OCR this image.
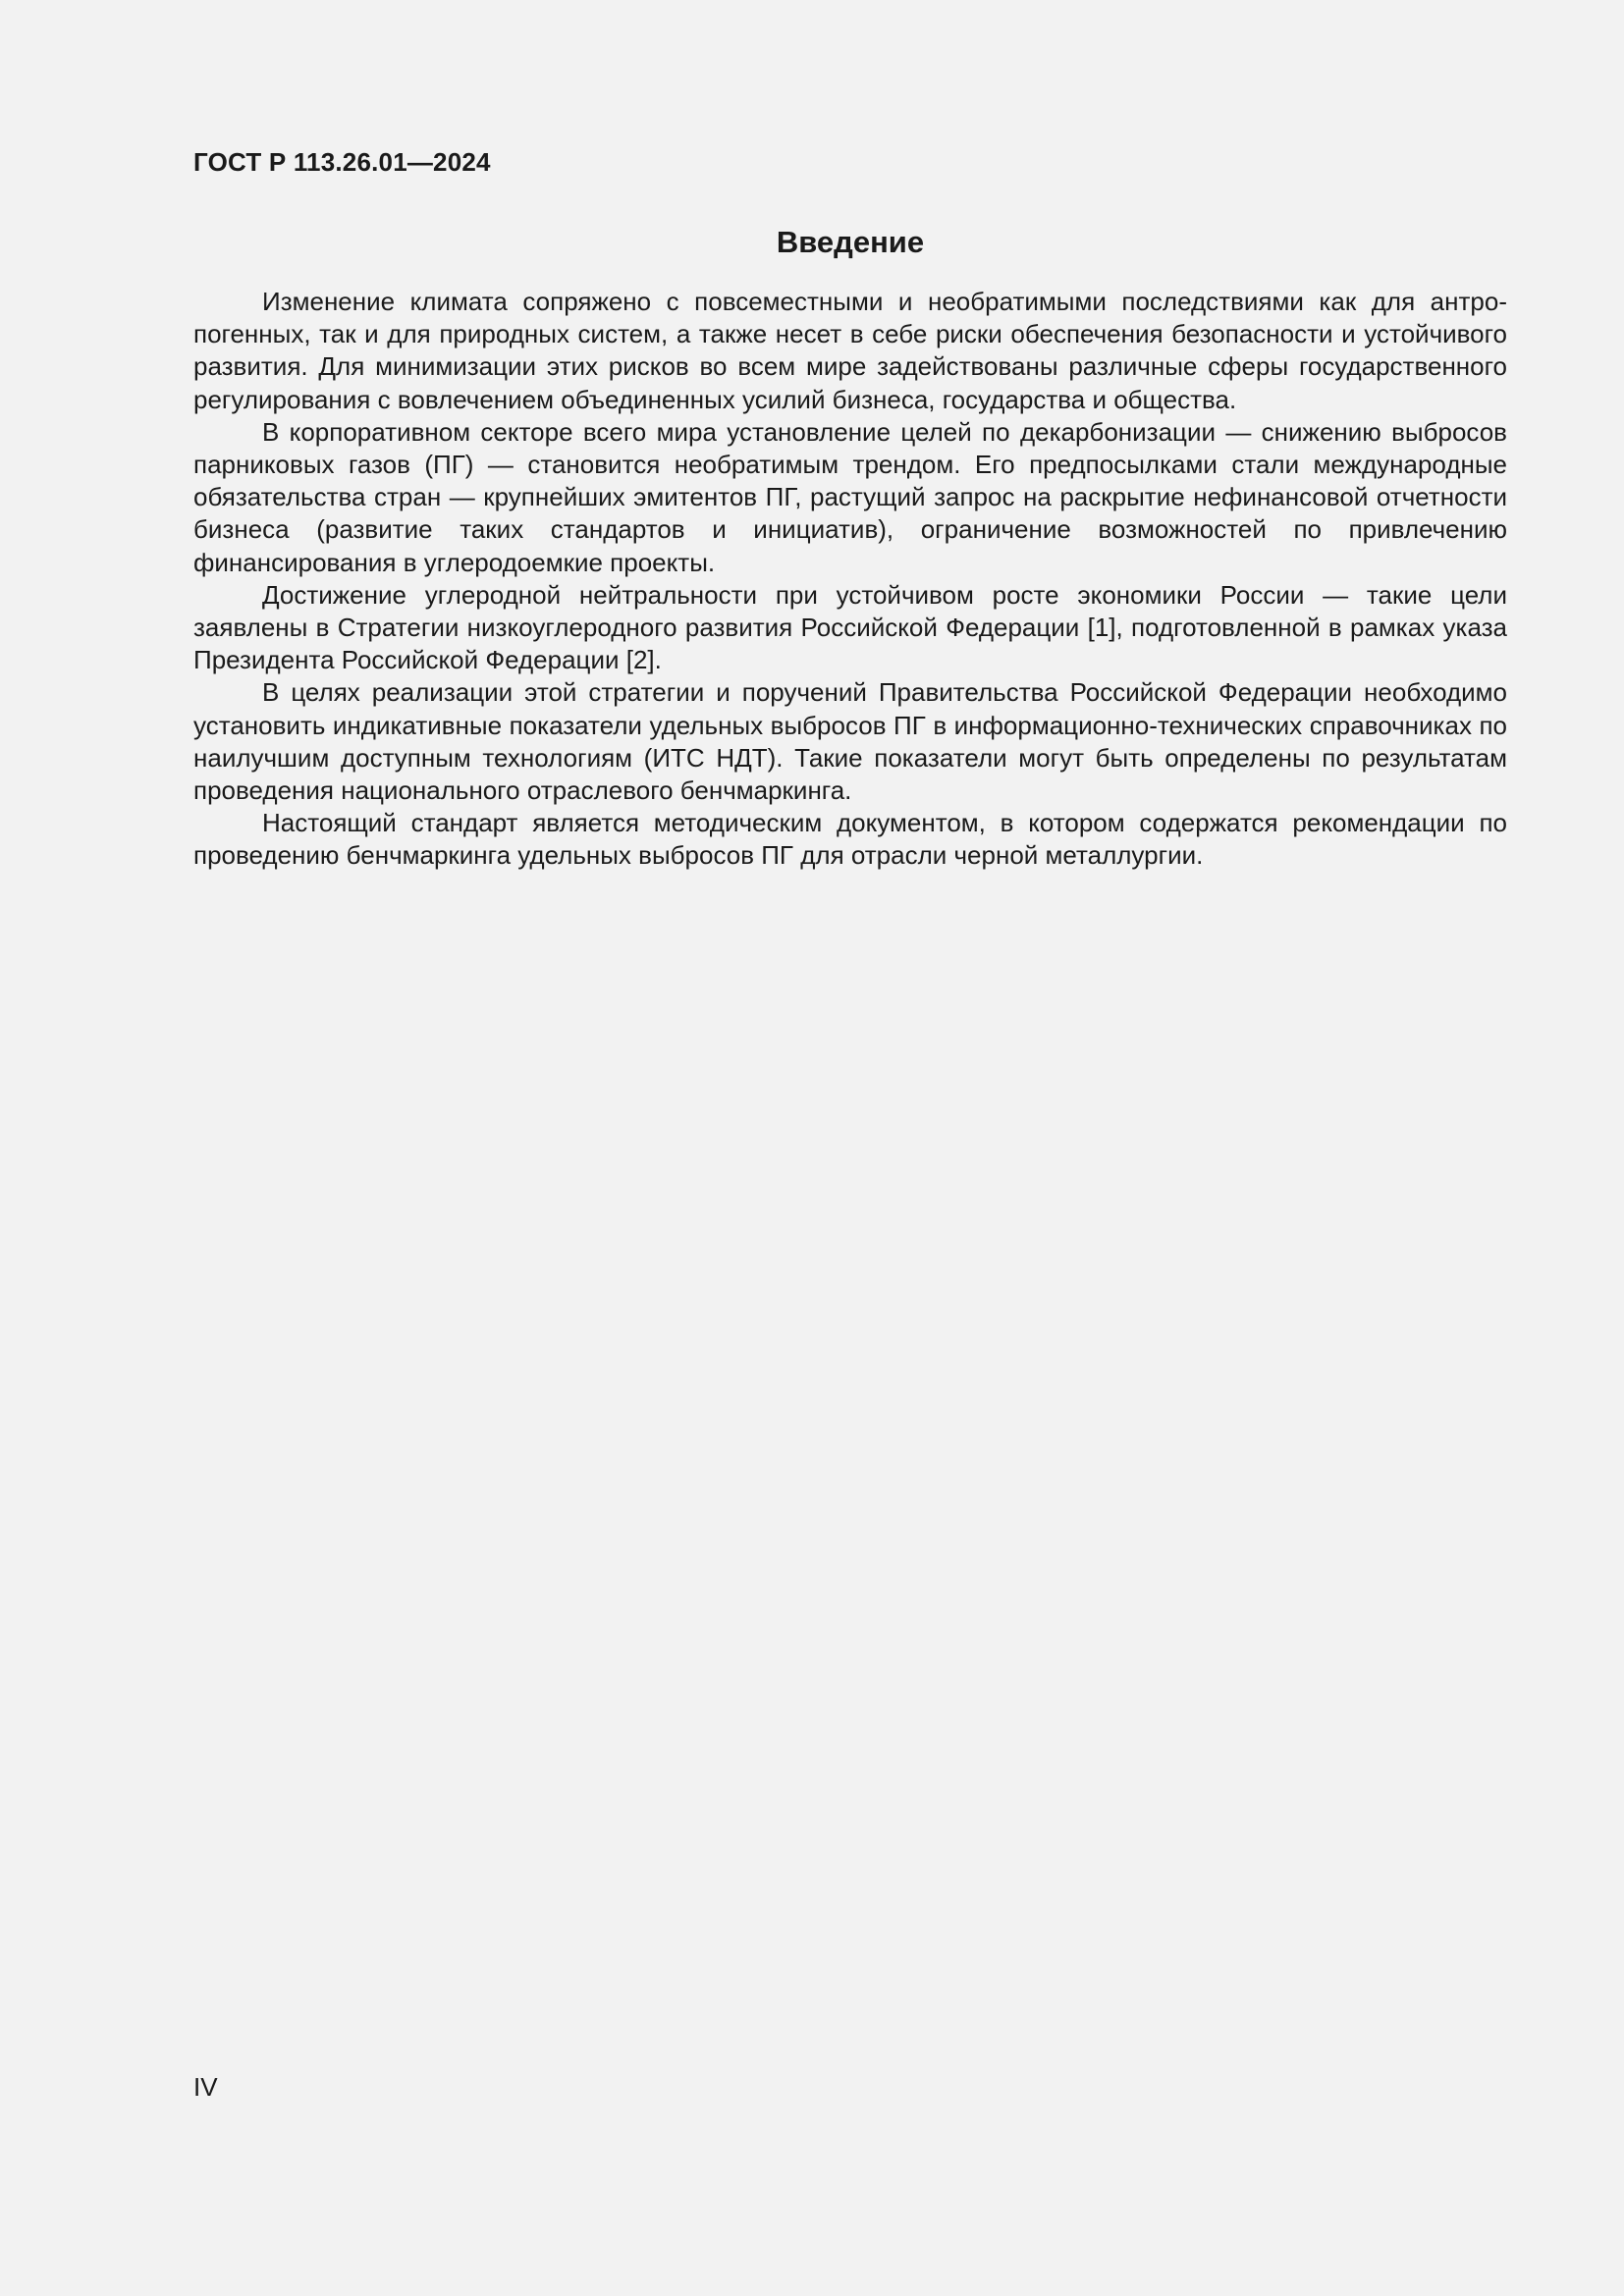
ГОСТ Р 113.26.01—2024
Введение

Изменение климата сопряжено с повсеместными и необратимыми последствиями как для антропогенных, так и для природных систем, а также несет в себе риски обеспечения безопасности и устойчивого развития. Для минимизации этих рисков во всем мире задействованы различные сферы государственного регулирования с вовлечением объединенных усилий бизнеса, государства и общества.

В корпоративном секторе всего мира установление целей по декарбонизации — снижению выбросов парниковых газов (ПГ) — становится необратимым трендом. Его предпосылками стали международные обязательства стран — крупнейших эмитентов ПГ, растущий запрос на раскрытие нефинансовой отчетности бизнеса (развитие таких стандартов и инициатив), ограничение возможностей по привлечению финансирования в углеродоемкие проекты.

Достижение углеродной нейтральности при устойчивом росте экономики России — такие цели заявлены в Стратегии низкоуглеродного развития Российской Федерации [1], подготовленной в рамках указа Президента Российской Федерации [2].

В целях реализации этой стратегии и поручений Правительства Российской Федерации необходимо установить индикативные показатели удельных выбросов ПГ в информационно-технических справочниках по наилучшим доступным технологиям (ИТС НДТ). Такие показатели могут быть определены по результатам проведения национального отраслевого бенчмаркинга.

Настоящий стандарт является методическим документом, в котором содержатся рекомендации по проведению бенчмаркинга удельных выбросов ПГ для отрасли черной металлургии.

IV
